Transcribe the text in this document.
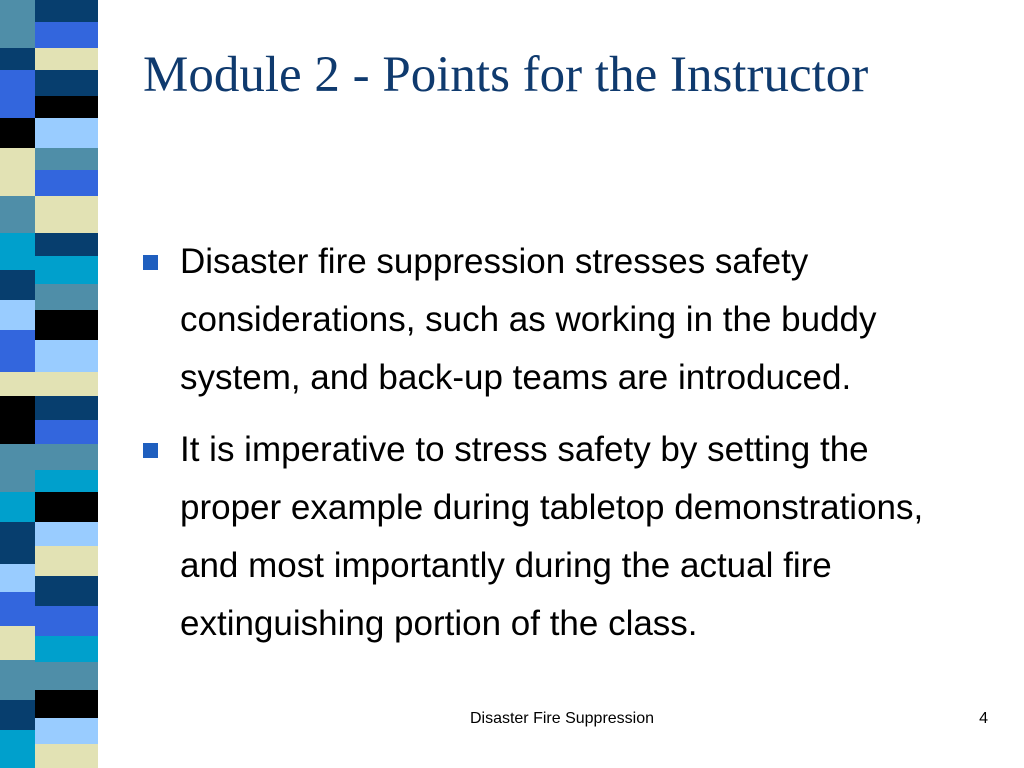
Module 2 - Points for the Instructor
Disaster fire suppression stresses safety considerations, such as working in the buddy system, and back-up teams are introduced.
It is imperative to stress safety by setting the proper example during tabletop demonstrations, and most importantly during the actual fire extinguishing portion of the class.
Disaster Fire Suppression	4
